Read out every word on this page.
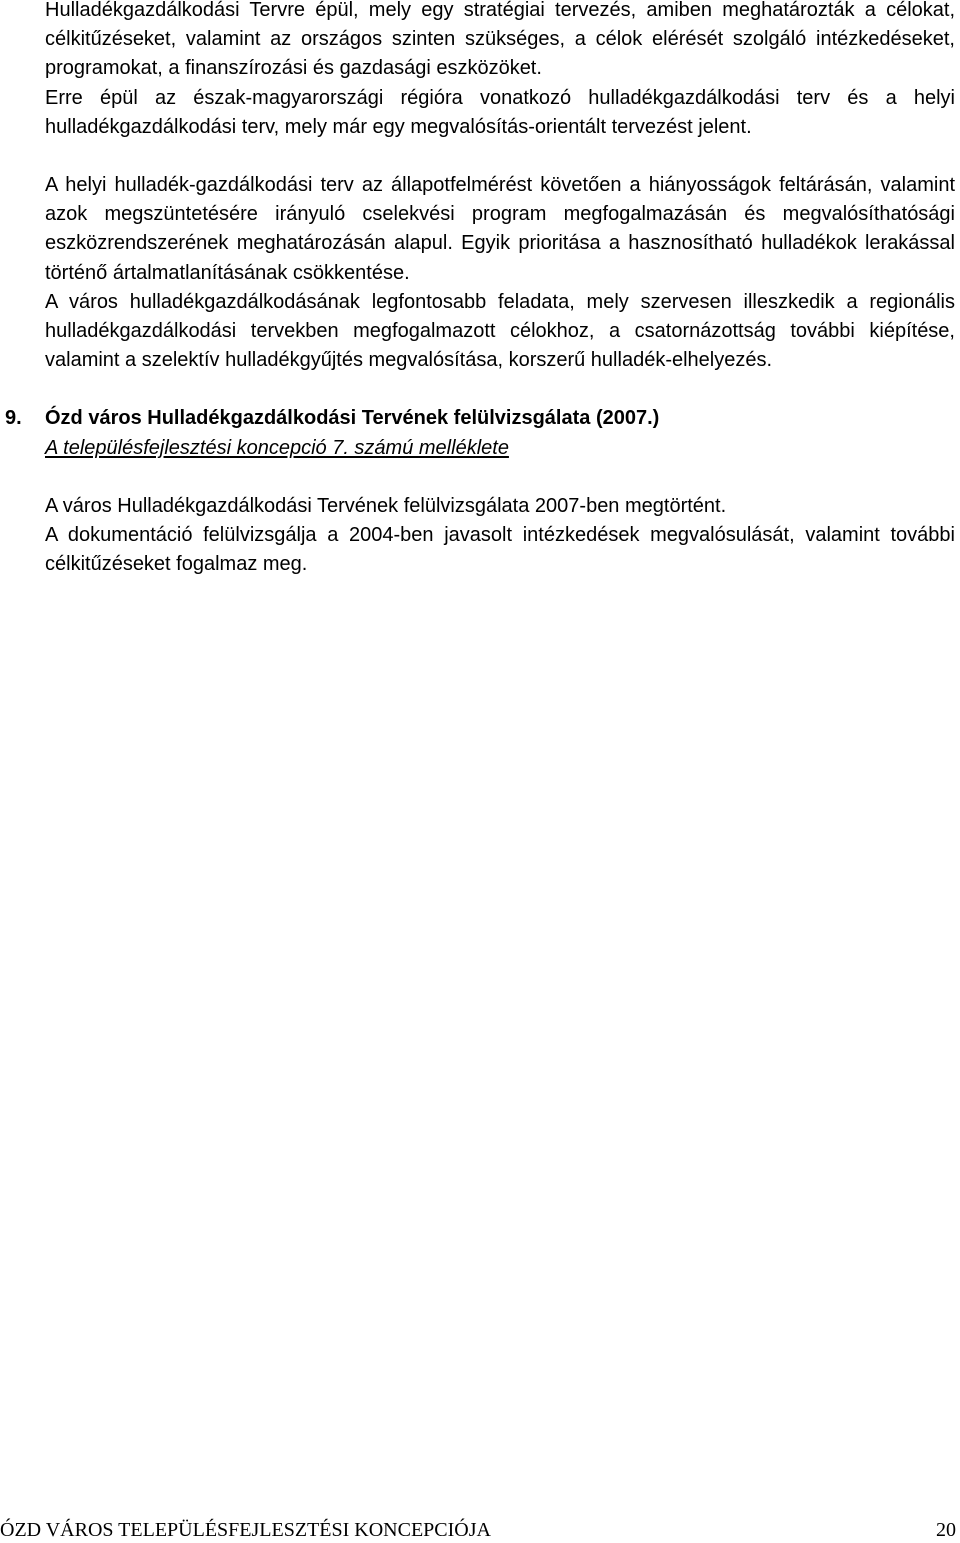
Hulladékgazdálkodási Tervre épül, mely egy stratégiai tervezés, amiben meghatározták a célokat, célkitűzéseket, valamint az országos szinten szükséges, a célok elérését szolgáló intézkedéseket, programokat, a finanszírozási és gazdasági eszközöket.

Erre épül az észak-magyarországi régióra vonatkozó hulladékgazdálkodási terv és a helyi hulladékgazdálkodási terv, mely már egy megvalósítás-orientált tervezést jelent.

A helyi hulladék-gazdálkodási terv az állapotfelmérést követően a hiányosságok feltárásán, valamint azok megszüntetésére irányuló cselekvési program megfogalmazásán és megvalósíthatósági eszközrendszerének meghatározásán alapul. Egyik prioritása a hasznosítható hulladékok lerakással történő ártalmatlanításának csökkentése.

A város hulladékgazdálkodásának legfontosabb feladata, mely szervesen illeszkedik a regionális hulladékgazdálkodási tervekben megfogalmazott célokhoz, a csatornázottság további kiépítése, valamint a szelektív hulladékgyűjtés megvalósítása, korszerű hulladék-elhelyezés.

9. Ózd város Hulladékgazdálkodási Tervének felülvizsgálata (2007.)

A településfejlesztési koncepció 7. számú melléklete

A város Hulladékgazdálkodási Tervének felülvizsgálata 2007-ben megtörtént.

A dokumentáció felülvizsgálja a 2004-ben javasolt intézkedések megvalósulását, valamint további célkitűzéseket fogalmaz meg.

ÓZD VÁROS TELEPÜLÉSFEJLESZTÉSI KONCEPCIÓJA	20
